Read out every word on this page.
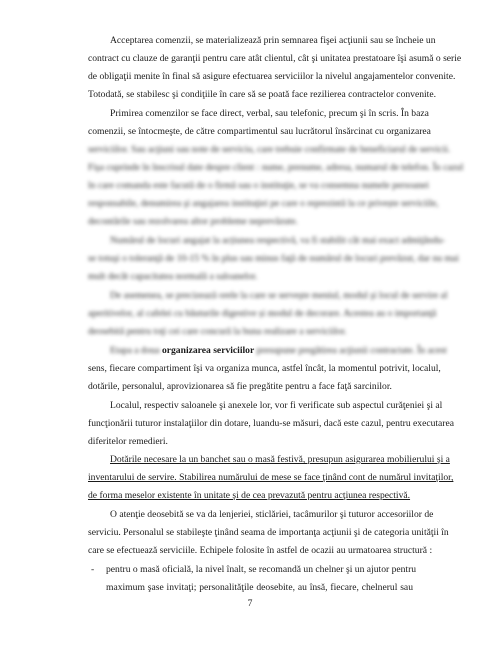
Acceptarea comenzii, se materializează prin semnarea fişei acţiunii sau se încheie un
contract cu clauze de garanţii pentru care atât clientul, cât şi unitatea prestatoare îşi asumă o serie
de obligaţii menite în final să asigure efectuarea serviciilor la nivelul angajamentelor convenite.
Totodată, se stabilesc şi condiţiile în care să se poată face rezilierea contractelor convenite.
Primirea comenzilor se face direct, verbal, sau telefonic, precum şi în scris. În baza
comenzii, se întocmeşte, de către compartimentul sau lucrătorul însărcinat cu organizarea
serviciilor. Sau acţiuni sau note de serviciu, care trebuie confirmate de beneficiarul de servicii.
Fişa cuprinde în înscrisul date despre client : nume, prenume, adresa, numarul de telefon. În cazul
în care comanda este facută de o firmă sau o instituţie, se va consemna numele persoanei
responsabile, denumirea şi angajarea instituţiei pe care o reprezintă la ce privește serviciile,
decontările sau rezolvarea altor probleme neprevăzute.
Numărul de locuri angajat la acțiunea respectivă, va fi stabilit cât mai exact admiţându-
se totuşi o toleranţă de 10-15 % în plus sau minus faţă de numărul de locuri prevăzut, dar nu mai
mult decât capacitatea normală a saloanelor.
De asemenea, se precizează orele la care se serveşte meniul, modul şi locul de servire al
aperitivelor, al cafelei cu băuturile digestive și modul de decorare. Acestea au o importanţă
deosebită pentru toţi cei care concură la buna realizare a serviciilor.
Etapa a doua organizarea serviciilor presupune pregătirea acţiunii contractate. În acest
sens, fiecare compartiment îşi va organiza munca, astfel încât, la momentul potrivit, localul,
dotările, personalul, aprovizionarea să fie pregătite pentru a face faţă sarcinilor.
Localul, respectiv saloanele şi anexele lor, vor fi verificate sub aspectul curăţeniei şi al
funcţionării tuturor instalaţiilor din dotare, luandu-se măsuri, dacă este cazul, pentru executarea
diferitelor remedieri.
Dotările necesare la un banchet sau o masă festivă, presupun asigurarea mobilierului şi a
inventarului de servire. Stabilirea numărului de mese se face ţinând cont de numărul invitaţilor,
de forma meselor existente în unitate şi de cea prevazută pentru acţiunea respectivă.
O atenţie deosebită se va da lenjeriei, sticlăriei, tacâmurilor şi tuturor accesoriilor de
serviciu. Personalul se stabileşte ţinând seama de importanţa acţiunii şi de categoria unităţii în
care se efectuează serviciile. Echipele folosite în astfel de ocazii au urmatoarea structură :
-	pentru o masă oficială, la nivel înalt, se recomandă un chelner şi un ajutor pentru
maximum şase invitaţi; personalităţile deosebite, au însă, fiecare, chelnerul sau
7
